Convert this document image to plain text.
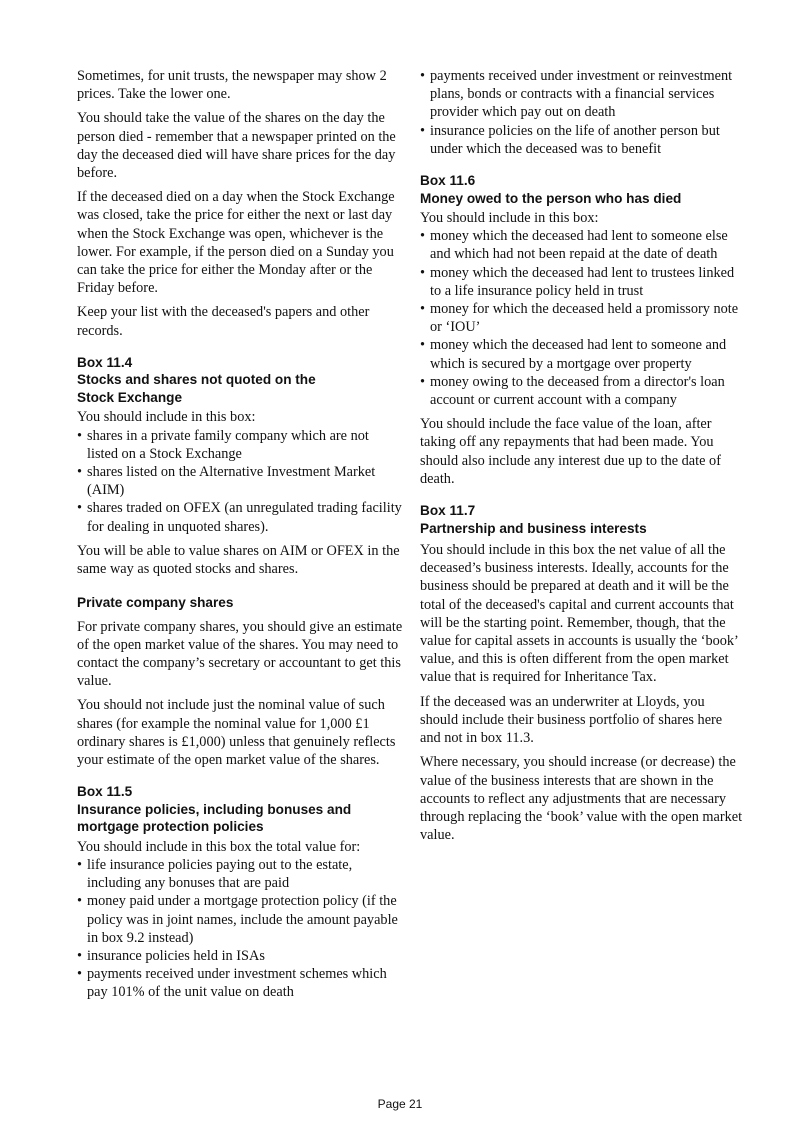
Sometimes, for unit trusts, the newspaper may show 2 prices. Take the lower one.

You should take the value of the shares on the day the person died - remember that a newspaper printed on the day the deceased died will have share prices for the day before.

If the deceased died on a day when the Stock Exchange was closed, take the price for either the next or last day when the Stock Exchange was open, whichever is the lower. For example, if the person died on a Sunday you can take the price for either the Monday after or the Friday before.

Keep your list with the deceased's papers and other records.

Box 11.4
Stocks and shares not quoted on the
Stock Exchange

You should include in this box:

• shares in a private family company which are not listed on a Stock Exchange
• shares listed on the Alternative Investment Market (AIM)
• shares traded on OFEX (an unregulated trading facility for dealing in unquoted shares).

You will be able to value shares on AIM or OFEX in the same way as quoted stocks and shares.

Private company shares

For private company shares, you should give an estimate of the open market value of the shares. You may need to contact the company’s secretary or accountant to get this value.

You should not include just the nominal value of such shares (for example the nominal value for 1,000 £1 ordinary shares is £1,000) unless that genuinely reflects your estimate of the open market value of the shares.

Box 11.5
Insurance policies, including bonuses and
mortgage protection policies

You should include in this box the total value for:

• life insurance policies paying out to the estate, including any bonuses that are paid
• money paid under a mortgage protection policy (if the policy was in joint names, include the amount payable in box 9.2 instead)
• insurance policies held in ISAs
• payments received under investment schemes which pay 101% of the unit value on death
• payments received under investment or reinvestment plans, bonds or contracts with a financial services provider which pay out on death
• insurance policies on the life of another person but under which the deceased was to benefit
Box 11.6
Money owed to the person who has died

You should include in this box:

• money which the deceased had lent to someone else and which had not been repaid at the date of death
• money which the deceased had lent to trustees linked to a life insurance policy held in trust
• money for which the deceased held a promissory note or ‘IOU’
• money which the deceased had lent to someone and which is secured by a mortgage over property
• money owing to the deceased from a director's loan account or current account with a company

You should include the face value of the loan, after taking off any repayments that had been made. You should also include any interest due up to the date of death.

Box 11.7
Partnership and business interests

You should include in this box the net value of all the deceased’s business interests. Ideally, accounts for the business should be prepared at death and it will be the total of the deceased's capital and current accounts that will be the starting point. Remember, though, that the value for capital assets in accounts is usually the ‘book’ value, and this is often different from the open market value that is required for Inheritance Tax.

If the deceased was an underwriter at Lloyds, you should include their business portfolio of shares here and not in box 11.3.

Where necessary, you should increase (or decrease) the value of the business interests that are shown in the accounts to reflect any adjustments that are necessary through replacing the ‘book’ value with the open market value.

Page 21
